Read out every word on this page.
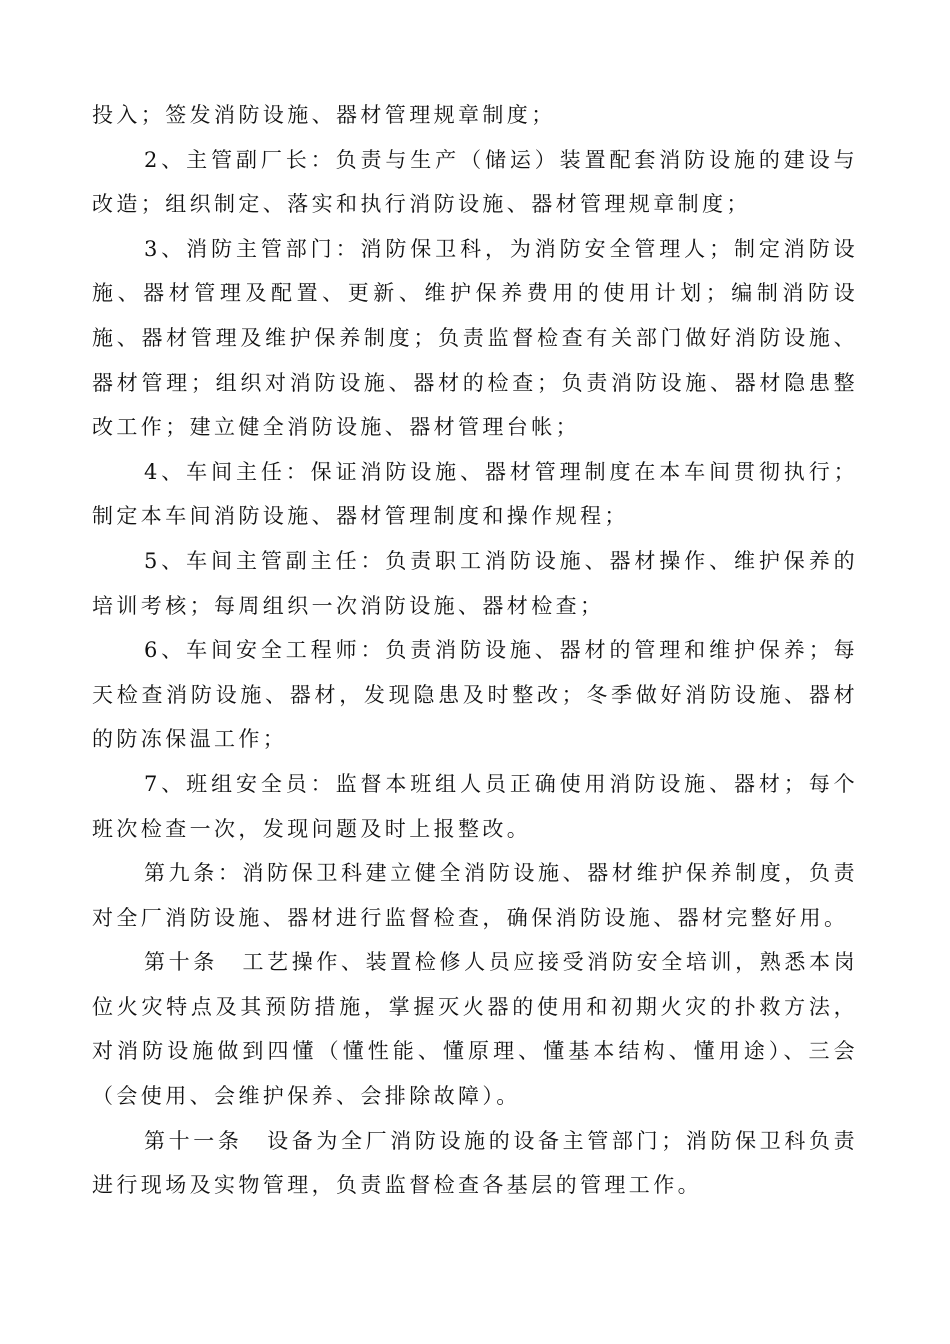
投入；签发消防设施、器材管理规章制度；

2、主管副厂长：负责与生产（储运）装置配套消防设施的建设与改造；组织制定、落实和执行消防设施、器材管理规章制度；

3、消防主管部门：消防保卫科，为消防安全管理人；制定消防设施、器材管理及配置、更新、维护保养费用的使用计划；编制消防设施、器材管理及维护保养制度；负责监督检查有关部门做好消防设施、器材管理；组织对消防设施、器材的检查；负责消防设施、器材隐患整改工作；建立健全消防设施、器材管理台帐；

4、车间主任：保证消防设施、器材管理制度在本车间贯彻执行；制定本车间消防设施、器材管理制度和操作规程；

5、车间主管副主任：负责职工消防设施、器材操作、维护保养的培训考核；每周组织一次消防设施、器材检查；

6、车间安全工程师：负责消防设施、器材的管理和维护保养；每天检查消防设施、器材，发现隐患及时整改；冬季做好消防设施、器材的防冻保温工作；

7、班组安全员：监督本班组人员正确使用消防设施、器材；每个班次检查一次，发现问题及时上报整改。

第九条：消防保卫科建立健全消防设施、器材维护保养制度，负责对全厂消防设施、器材进行监督检查，确保消防设施、器材完整好用。

第十条　工艺操作、装置检修人员应接受消防安全培训，熟悉本岗位火灾特点及其预防措施，掌握灭火器的使用和初期火灾的扑救方法，对消防设施做到四懂（懂性能、懂原理、懂基本结构、懂用途）、三会（会使用、会维护保养、会排除故障）。

第十一条　设备为全厂消防设施的设备主管部门；消防保卫科负责进行现场及实物管理，负责监督检查各基层的管理工作。
